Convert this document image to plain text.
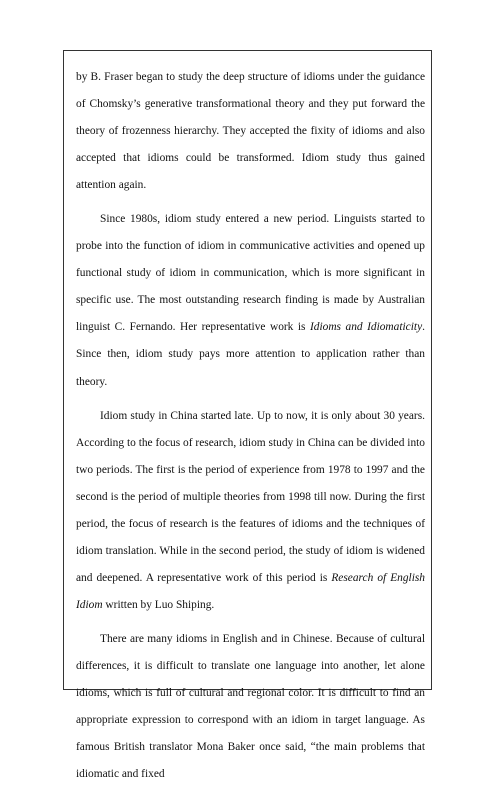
by B. Fraser began to study the deep structure of idioms under the guidance of Chomsky’s generative transformational theory and they put forward the theory of frozenness hierarchy. They accepted the fixity of idioms and also accepted that idioms could be transformed. Idiom study thus gained attention again.

Since 1980s, idiom study entered a new period. Linguists started to probe into the function of idiom in communicative activities and opened up functional study of idiom in communication, which is more significant in specific use. The most outstanding research finding is made by Australian linguist C. Fernando. Her representative work is Idioms and Idiomaticity. Since then, idiom study pays more attention to application rather than theory.

Idiom study in China started late. Up to now, it is only about 30 years. According to the focus of research, idiom study in China can be divided into two periods. The first is the period of experience from 1978 to 1997 and the second is the period of multiple theories from 1998 till now. During the first period, the focus of research is the features of idioms and the techniques of idiom translation. While in the second period, the study of idiom is widened and deepened. A representative work of this period is Research of English Idiom written by Luo Shiping.

There are many idioms in English and in Chinese. Because of cultural differences, it is difficult to translate one language into another, let alone idioms, which is full of cultural and regional color. It is difficult to find an appropriate expression to correspond with an idiom in target language. As famous British translator Mona Baker once said, “the main problems that idiomatic and fixed
